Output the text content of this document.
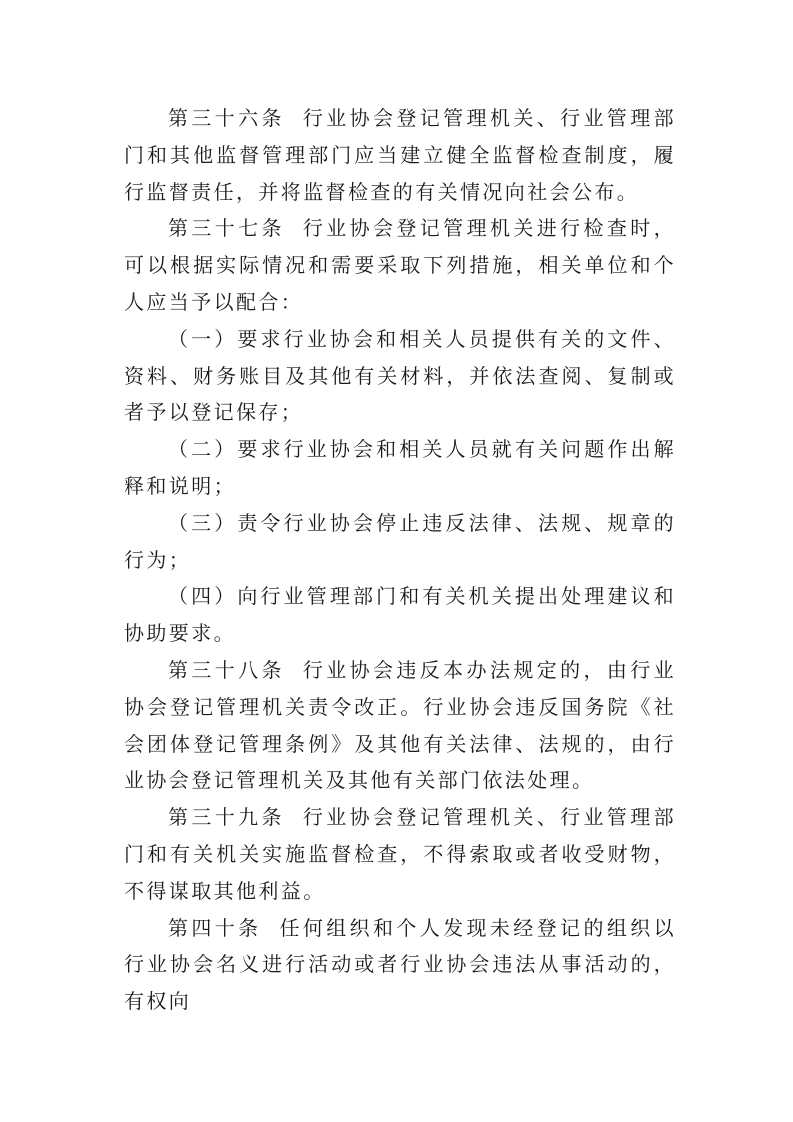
第三十六条 行业协会登记管理机关、行业管理部门和其他监督管理部门应当建立健全监督检查制度，履行监督责任，并将监督检查的有关情况向社会公布。

第三十七条 行业协会登记管理机关进行检查时，可以根据实际情况和需要采取下列措施，相关单位和个人应当予以配合：

（一）要求行业协会和相关人员提供有关的文件、资料、财务账目及其他有关材料，并依法查阅、复制或者予以登记保存；

（二）要求行业协会和相关人员就有关问题作出解释和说明；

（三）责令行业协会停止违反法律、法规、规章的行为；

（四）向行业管理部门和有关机关提出处理建议和协助要求。

第三十八条 行业协会违反本办法规定的，由行业协会登记管理机关责令改正。行业协会违反国务院《社会团体登记管理条例》及其他有关法律、法规的，由行业协会登记管理机关及其他有关部门依法处理。

第三十九条 行业协会登记管理机关、行业管理部门和有关机关实施监督检查，不得索取或者收受财物，不得谋取其他利益。

第四十条 任何组织和个人发现未经登记的组织以行业协会名义进行活动或者行业协会违法从事活动的，有权向
